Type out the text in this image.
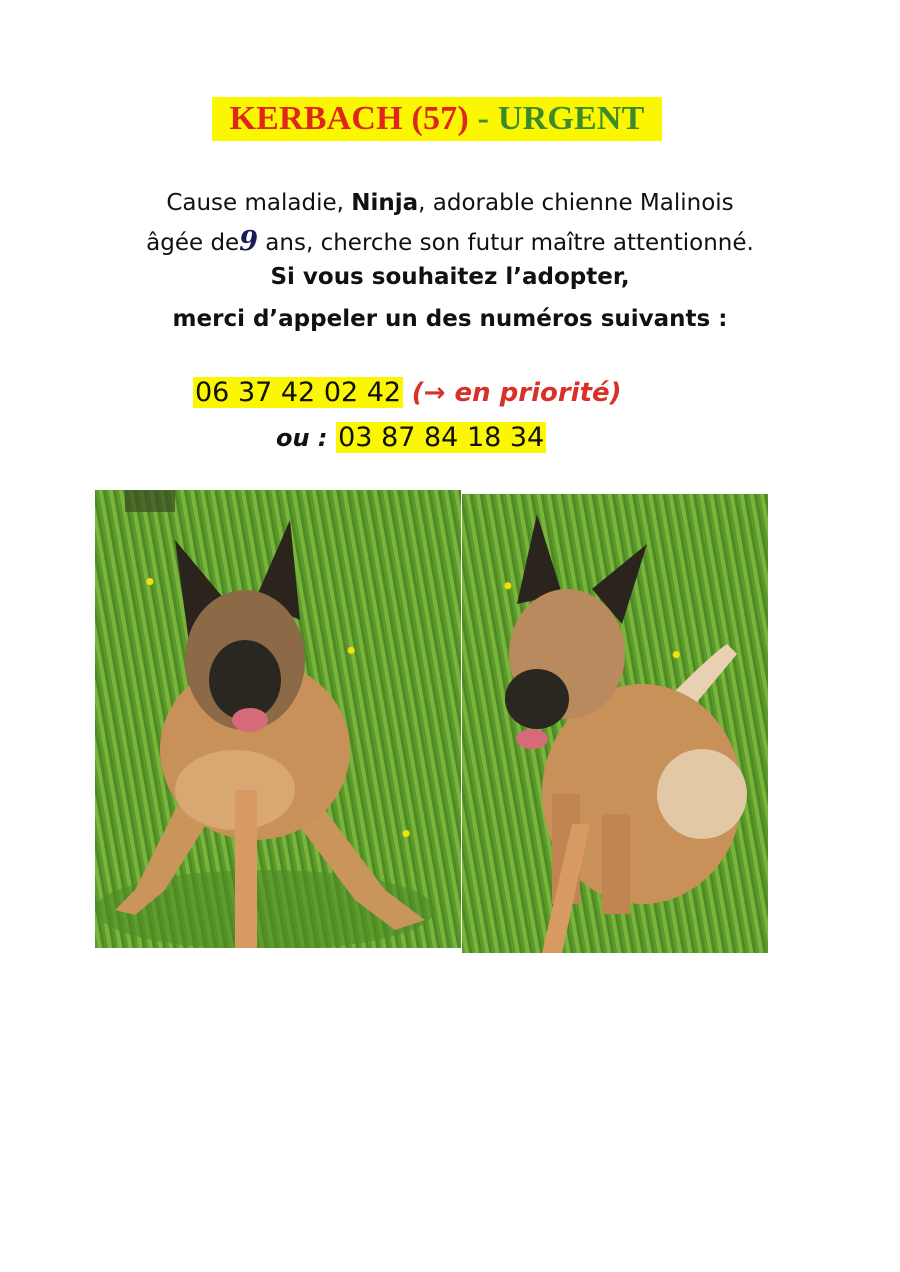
KERBACH (57) - URGENT
Cause maladie, Ninja, adorable chienne Malinois
âgée de9 ans, cherche son futur maître attentionné.
Si vous souhaitez l’adopter,
merci d’appeler un des numéros suivants :
06 37 42 02 42 (→ en priorité)
ou : 03 87 84 18 34
